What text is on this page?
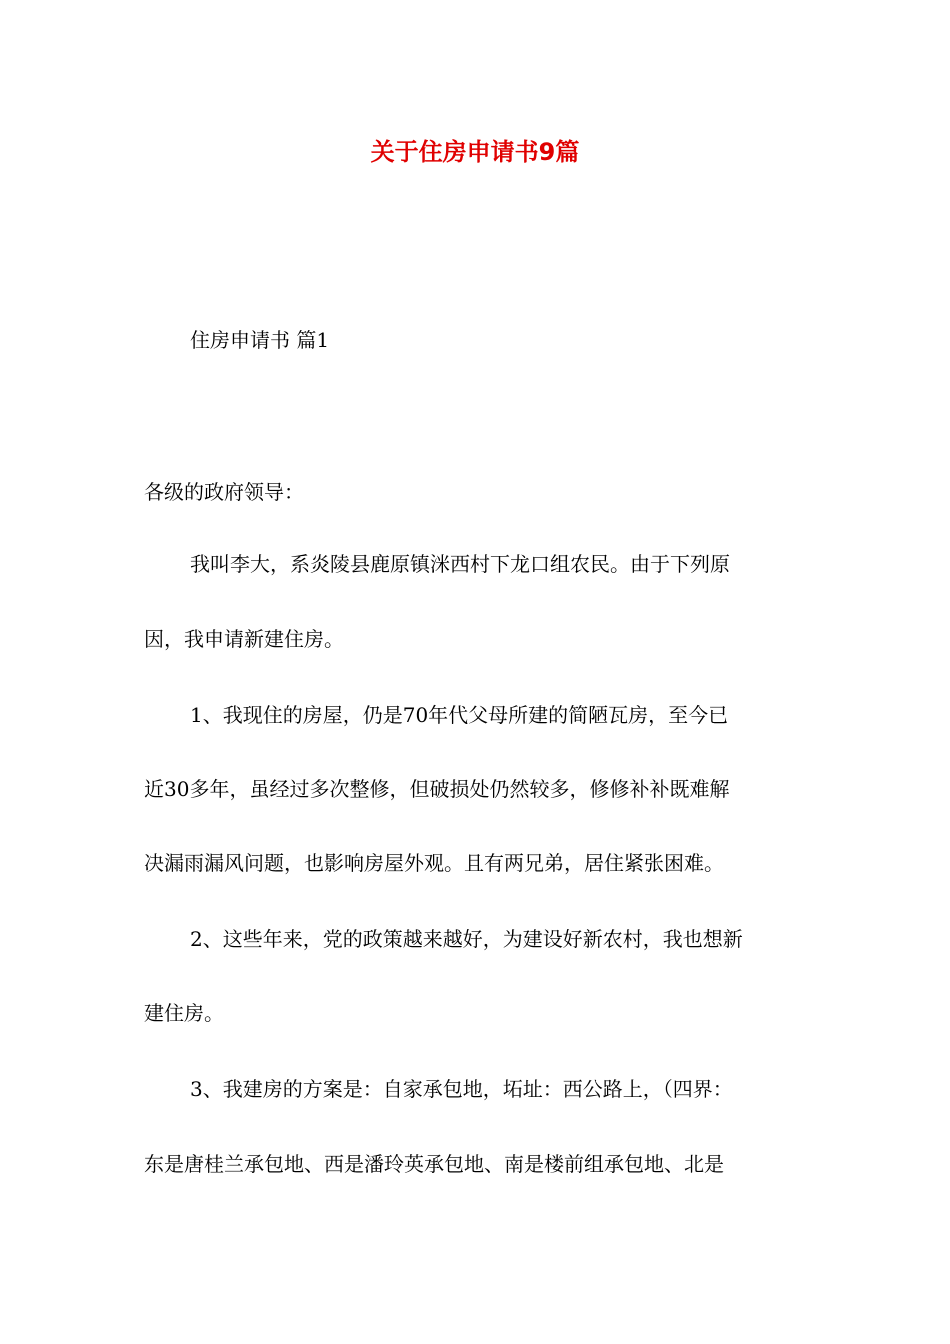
关于住房申请书9篇
住房申请书 篇1
各级的政府领导：
我叫李大，系炎陵县鹿原镇洣西村下龙口组农民。由于下列原
因，我申请新建住房。
1、我现住的房屋，仍是70年代父母所建的简陋瓦房，至今已
近30多年，虽经过多次整修，但破损处仍然较多，修修补补既难解
决漏雨漏风问题，也影响房屋外观。且有两兄弟，居住紧张困难。
2、这些年来，党的政策越来越好，为建设好新农村，我也想新
建住房。
3、我建房的方案是：自家承包地，坧址：西公路上，（四界：
东是唐桂兰承包地、西是潘玲英承包地、南是楼前组承包地、北是
